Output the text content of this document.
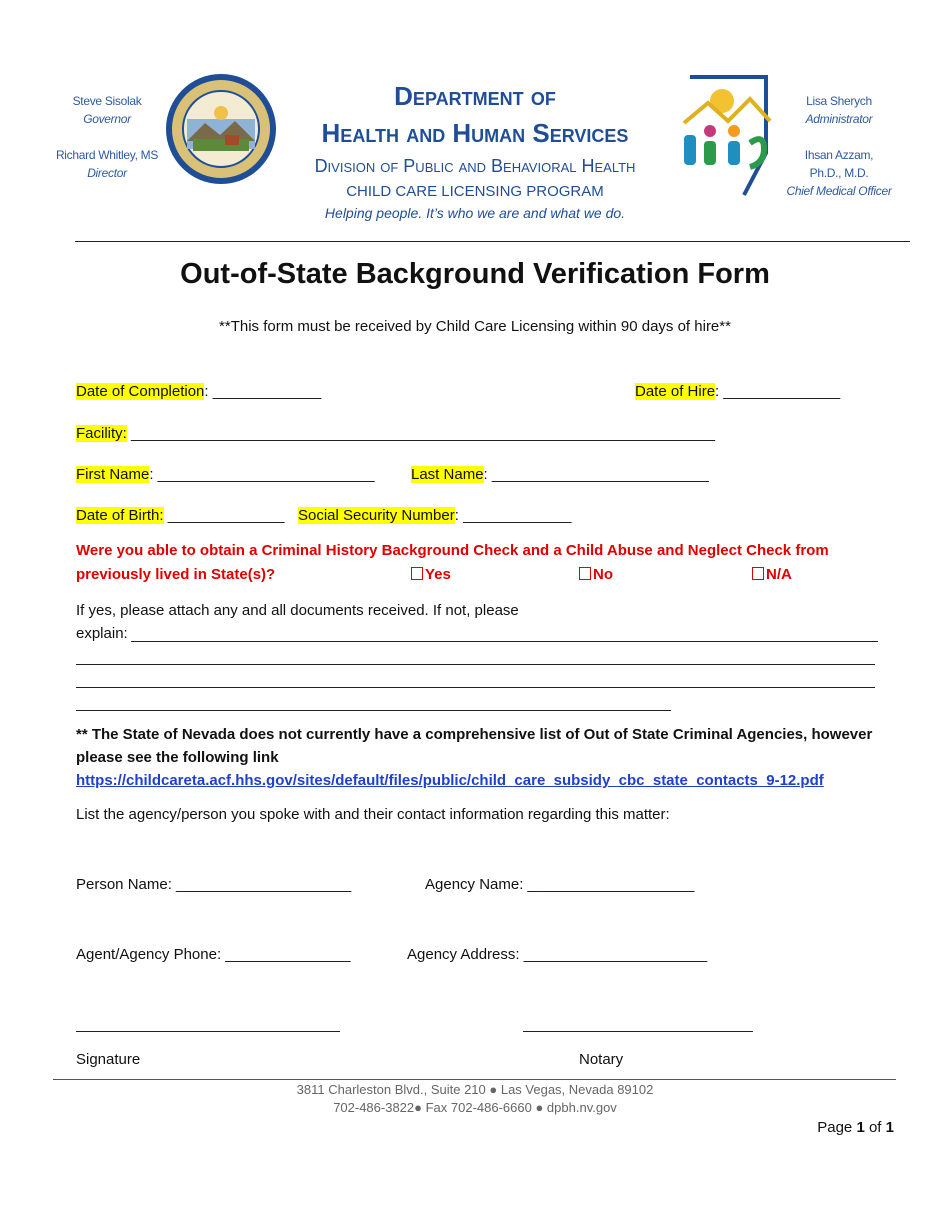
Steve Sisolak
Governor
Richard Whitley, MS
Director
Department of
Health and Human Services
Division of Public and Behavioral Health
CHILD CARE LICENSING PROGRAM
Helping people. It’s who we are and what we do.
Lisa Sherych
Administrator
Ihsan Azzam,
Ph.D., M.D.
Chief Medical Officer
Out-of-State Background Verification Form
**This form must be received by Child Care Licensing within 90 days of hire**
Date of Completion: _____________	Date of Hire: ______________
Facility: ______________________________________________________________________
First Name: __________________________ Last Name: __________________________
Date of Birth: ______________ Social Security Number: _____________
Were you able to obtain a Criminal History Background Check and a Child Abuse and Neglect Check from
previously lived in State(s)?	Yes	No	N/A
If yes, please attach any and all documents received. If not, please
explain:
** The State of Nevada does not currently have a comprehensive list of Out of State Criminal Agencies, however
please see the following link
https://childcareta.acf.hhs.gov/sites/default/files/public/child_care_subsidy_cbc_state_contacts_9-12.pdf
List the agency/person you spoke with and their contact information regarding this matter:
Person Name: _____________________	Agency Name: ____________________
Agent/Agency Phone: _______________	Agency Address: ______________________
Signature	Notary
3811 Charleston Blvd., Suite 210 ● Las Vegas, Nevada 89102
702-486-3822● Fax 702-486-6660 ● dpbh.nv.gov
Page 1 of 1
